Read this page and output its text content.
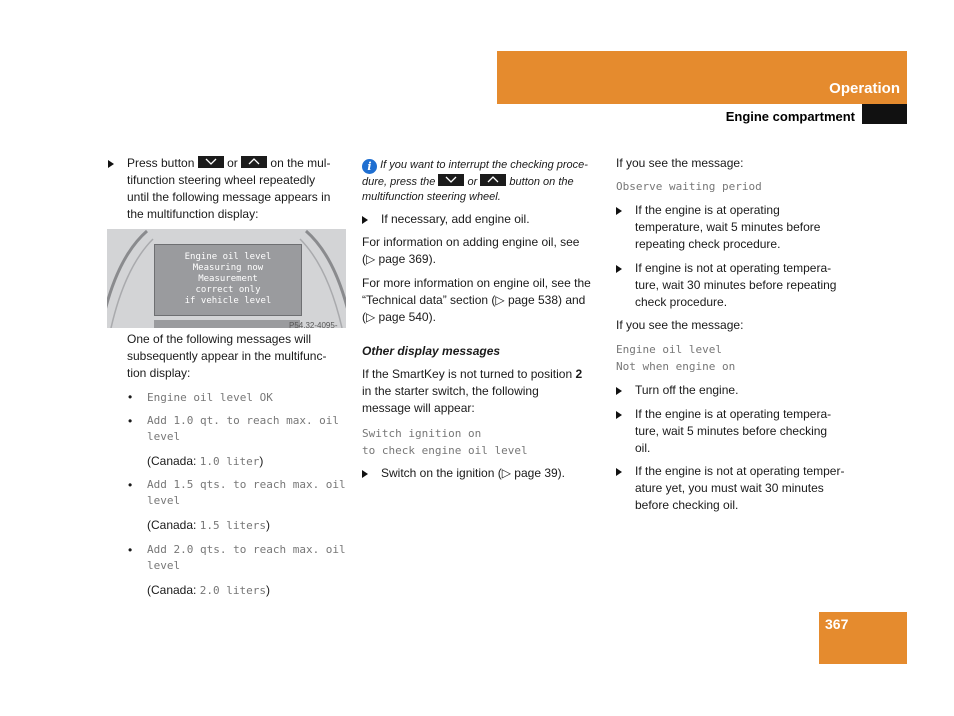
Operation
Engine compartment
Press button	or	on the mul-
tifunction steering wheel repeatedly
until the following message appears in
the multifunction display:
Engine oil level
Measuring now
Measurement
correct only
if vehicle level
P54.32-4095-
One of the following messages will
subsequently appear in the multifunc-
tion display:
• Engine oil level OK
• Add 1.0 qt. to reach max. oil
level
(Canada: 1.0 liter)
• Add 1.5 qts. to reach max. oil
level
(Canada: 1.5 liters)
• Add 2.0 qts. to reach max. oil
level
(Canada: 2.0 liters)
i If you want to interrupt the checking proce-
dure, press the	or	button on the
multifunction steering wheel.
If necessary, add engine oil.
For information on adding engine oil, see
(▷ page 369).
For more information on engine oil, see the
“Technical data” section (▷ page 538) and
(▷ page 540).
Other display messages
If the SmartKey is not turned to position 2
in the starter switch, the following
message will appear:
Switch ignition on
to check engine oil level
Switch on the ignition (▷ page 39).
If you see the message:
Observe waiting period
If the engine is at operating
temperature, wait 5 minutes before
repeating check procedure.
If engine is not at operating tempera-
ture, wait 30 minutes before repeating
check procedure.
If you see the message:
Engine oil level
Not when engine on
Turn off the engine.
If the engine is at operating tempera-
ture, wait 5 minutes before checking
oil.
If the engine is not at operating temper-
ature yet, you must wait 30 minutes
before checking oil.
367
